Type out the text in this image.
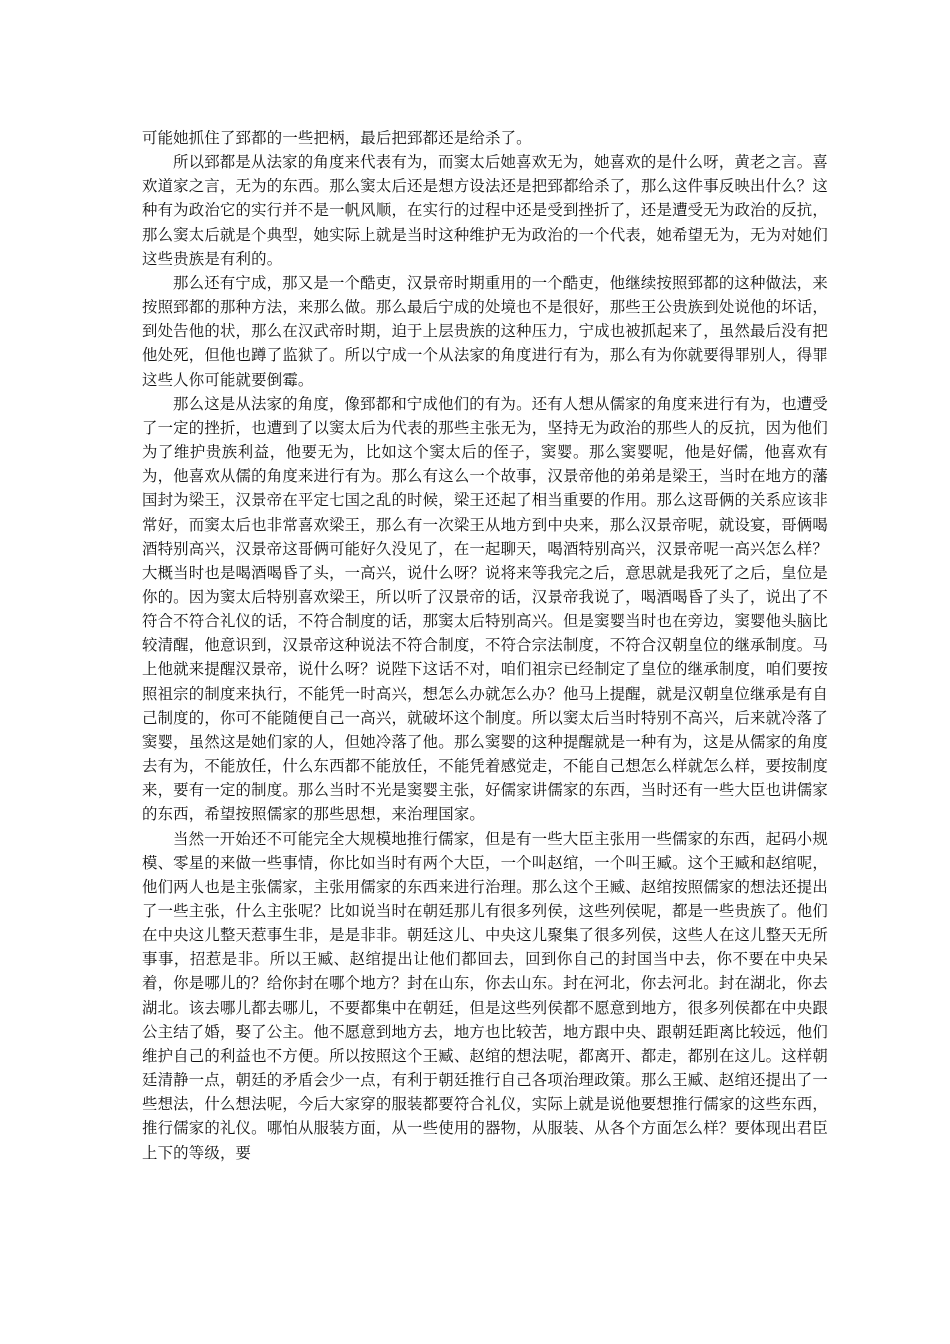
可能她抓住了郅都的一些把柄，最后把郅都还是给杀了。

所以郅都是从法家的角度来代表有为，而窦太后她喜欢无为，她喜欢的是什么呀，黄老之言。喜欢道家之言，无为的东西。那么窦太后还是想方设法还是把郅都给杀了，那么这件事反映出什么？这种有为政治它的实行并不是一帆风顺，在实行的过程中还是受到挫折了，还是遭受无为政治的反抗，那么窦太后就是个典型，她实际上就是当时这种维护无为政治的一个代表，她希望无为，无为对她们这些贵族是有利的。

那么还有宁成，那又是一个酷吏，汉景帝时期重用的一个酷吏，他继续按照郅都的这种做法，来按照郅都的那种方法，来那么做。那么最后宁成的处境也不是很好，那些王公贵族到处说他的坏话，到处告他的状，那么在汉武帝时期，迫于上层贵族的这种压力，宁成也被抓起来了，虽然最后没有把他处死，但他也蹲了监狱了。所以宁成一个从法家的角度进行有为，那么有为你就要得罪别人，得罪这些人你可能就要倒霉。

那么这是从法家的角度，像郅都和宁成他们的有为。还有人想从儒家的角度来进行有为，也遭受了一定的挫折，也遭到了以窦太后为代表的那些主张无为，坚持无为政治的那些人的反抗，因为他们为了维护贵族利益，他要无为，比如这个窦太后的侄子，窦婴。那么窦婴呢，他是好儒，他喜欢有为，他喜欢从儒的角度来进行有为。那么有这么一个故事，汉景帝他的弟弟是梁王，当时在地方的藩国封为梁王，汉景帝在平定七国之乱的时候，梁王还起了相当重要的作用。那么这哥俩的关系应该非常好，而窦太后也非常喜欢梁王，那么有一次梁王从地方到中央来，那么汉景帝呢，就设宴，哥俩喝酒特别高兴，汉景帝这哥俩可能好久没见了，在一起聊天，喝酒特别高兴，汉景帝呢一高兴怎么样？大概当时也是喝酒喝昏了头，一高兴，说什么呀？说将来等我完之后，意思就是我死了之后，皇位是你的。因为窦太后特别喜欢梁王，所以听了汉景帝的话，汉景帝我说了，喝酒喝昏了头了，说出了不符合不符合礼仪的话，不符合制度的话，那窦太后特别高兴。但是窦婴当时也在旁边，窦婴他头脑比较清醒，他意识到，汉景帝这种说法不符合制度，不符合宗法制度，不符合汉朝皇位的继承制度。马上他就来提醒汉景帝，说什么呀？说陛下这话不对，咱们祖宗已经制定了皇位的继承制度，咱们要按照祖宗的制度来执行，不能凭一时高兴，想怎么办就怎么办？他马上提醒，就是汉朝皇位继承是有自己制度的，你可不能随便自己一高兴，就破坏这个制度。所以窦太后当时特别不高兴，后来就冷落了窦婴，虽然这是她们家的人，但她冷落了他。那么窦婴的这种提醒就是一种有为，这是从儒家的角度去有为，不能放任，什么东西都不能放任，不能凭着感觉走，不能自己想怎么样就怎么样，要按制度来，要有一定的制度。那么当时不光是窦婴主张，好儒家讲儒家的东西，当时还有一些大臣也讲儒家的东西，希望按照儒家的那些思想，来治理国家。

当然一开始还不可能完全大规模地推行儒家，但是有一些大臣主张用一些儒家的东西，起码小规模、零星的来做一些事情，你比如当时有两个大臣，一个叫赵绾，一个叫王臧。这个王臧和赵绾呢，他们两人也是主张儒家，主张用儒家的东西来进行治理。那么这个王臧、赵绾按照儒家的想法还提出了一些主张，什么主张呢？比如说当时在朝廷那儿有很多列侯，这些列侯呢，都是一些贵族了。他们在中央这儿整天惹事生非，是是非非。朝廷这儿、中央这儿聚集了很多列侯，这些人在这儿整天无所事事，招惹是非。所以王臧、赵绾提出让他们都回去，回到你自己的封国当中去，你不要在中央呆着，你是哪儿的？给你封在哪个地方？封在山东，你去山东。封在河北，你去河北。封在湖北，你去湖北。该去哪儿都去哪儿，不要都集中在朝廷，但是这些列侯都不愿意到地方，很多列侯都在中央跟公主结了婚，娶了公主。他不愿意到地方去，地方也比较苦，地方跟中央、跟朝廷距离比较远，他们维护自己的利益也不方便。所以按照这个王臧、赵绾的想法呢，都离开、都走，都别在这儿。这样朝廷清静一点，朝廷的矛盾会少一点，有利于朝廷推行自己各项治理政策。那么王臧、赵绾还提出了一些想法，什么想法呢，今后大家穿的服装都要符合礼仪，实际上就是说他要想推行儒家的这些东西，推行儒家的礼仪。哪怕从服装方面，从一些使用的器物，从服装、从各个方面怎么样？要体现出君臣上下的等级，要
